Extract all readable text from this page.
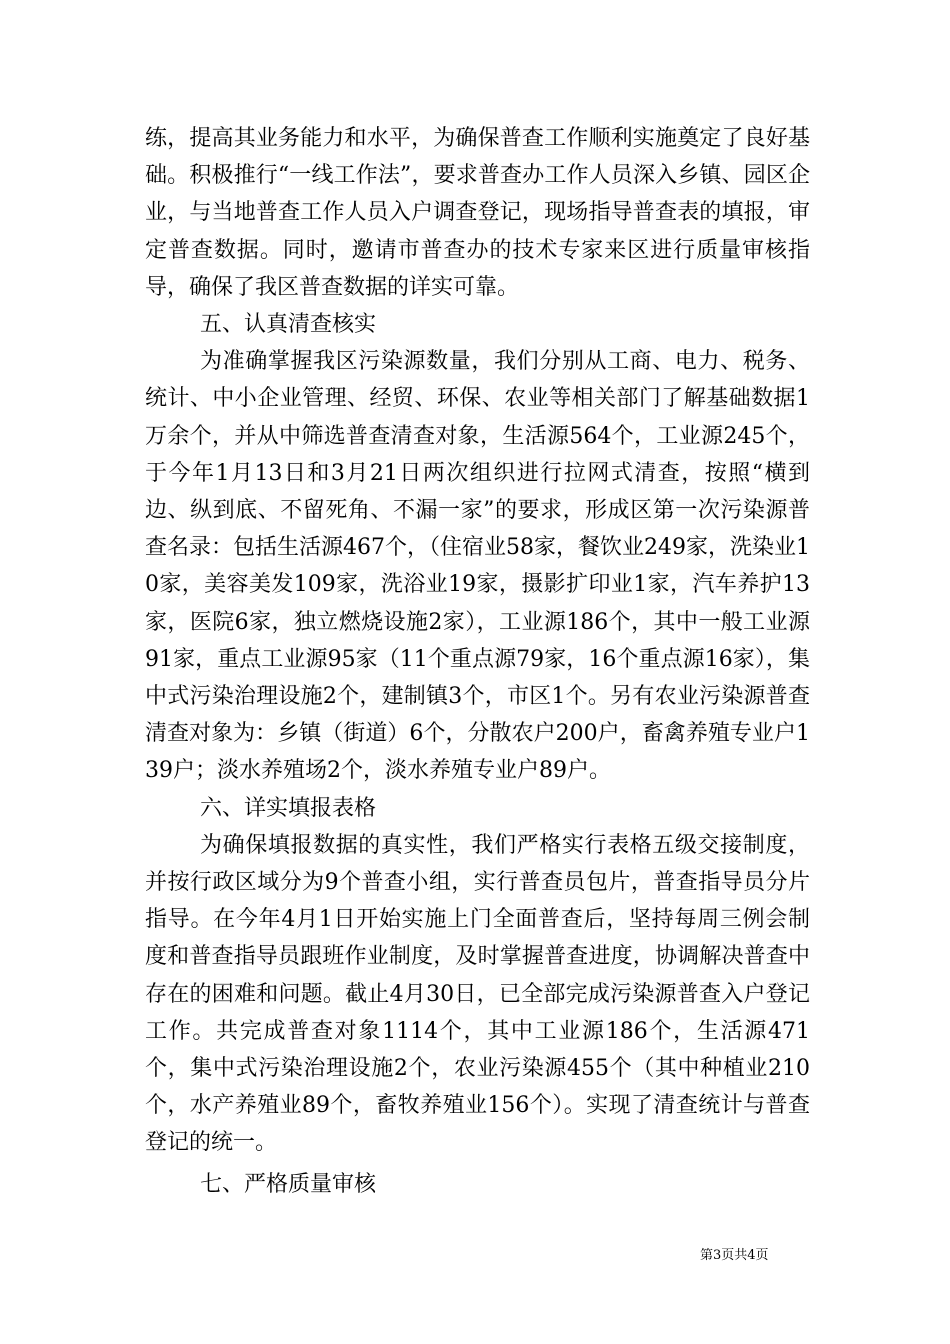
练，提高其业务能力和水平，为确保普查工作顺利实施奠定了良好基础。积极推行“一线工作法”，要求普查办工作人员深入乡镇、园区企业，与当地普查工作人员入户调查登记，现场指导普查表的填报，审定普查数据。同时，邀请市普查办的技术专家来区进行质量审核指导，确保了我区普查数据的详实可靠。

五、认真清查核实

为准确掌握我区污染源数量，我们分别从工商、电力、税务、统计、中小企业管理、经贸、环保、农业等相关部门了解基础数据1万余个，并从中筛选普查清查对象，生活源564个，工业源245个，于今年1月13日和3月21日两次组织进行拉网式清查，按照“横到边、纵到底、不留死角、不漏一家”的要求，形成区第一次污染源普查名录：包括生活源467个，（住宿业58家，餐饮业249家，洗染业10家，美容美发109家，洗浴业19家，摄影扩印业1家，汽车养护13家，医院6家，独立燃烧设施2家），工业源186个，其中一般工业源91家，重点工业源95家（11个重点源79家，16个重点源16家），集中式污染治理设施2个，建制镇3个，市区1个。另有农业污染源普查清查对象为：乡镇（街道）6个，分散农户200户，畜禽养殖专业户139户；淡水养殖场2个，淡水养殖专业户89户。

六、详实填报表格

为确保填报数据的真实性，我们严格实行表格五级交接制度，并按行政区域分为9个普查小组，实行普查员包片，普查指导员分片指导。在今年4月1日开始实施上门全面普查后，坚持每周三例会制度和普查指导员跟班作业制度，及时掌握普查进度，协调解决普查中存在的困难和问题。截止4月30日，已全部完成污染源普查入户登记工作。共完成普查对象1114个，其中工业源186个，生活源471个，集中式污染治理设施2个，农业污染源455个（其中种植业210个，水产养殖业89个，畜牧养殖业156个）。实现了清查统计与普查登记的统一。

七、严格质量审核

第3页共4页
